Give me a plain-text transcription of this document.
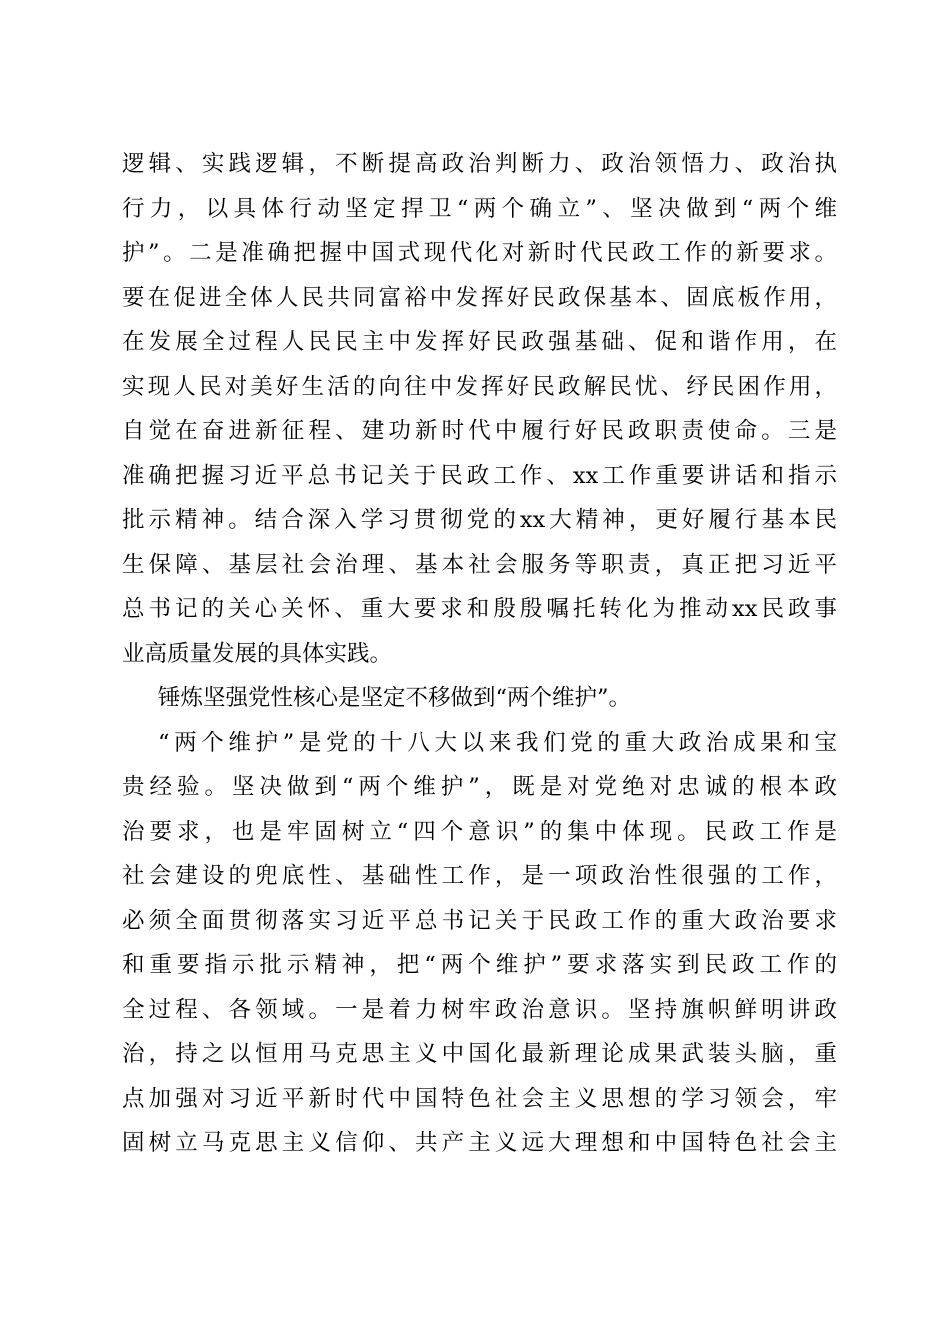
逻辑、实践逻辑，不断提高政治判断力、政治领悟力、政治执
行力，以具体行动坚定捍卫“两个确立”、坚决做到“两个维
护”。二是准确把握中国式现代化对新时代民政工作的新要求。
要在促进全体人民共同富裕中发挥好民政保基本、固底板作用，
在发展全过程人民民主中发挥好民政强基础、促和谐作用，在
实现人民对美好生活的向往中发挥好民政解民忧、纾民困作用，
自觉在奋进新征程、建功新时代中履行好民政职责使命。三是
准确把握习近平总书记关于民政工作、xx工作重要讲话和指示
批示精神。结合深入学习贯彻党的xx大精神，更好履行基本民
生保障、基层社会治理、基本社会服务等职责，真正把习近平
总书记的关心关怀、重大要求和殷殷嘱托转化为推动xx民政事
业高质量发展的具体实践。
锤炼坚强党性核心是坚定不移做到“两个维护”。
“两个维护”是党的十八大以来我们党的重大政治成果和宝
贵经验。坚决做到“两个维护”，既是对党绝对忠诚的根本政
治要求，也是牢固树立“四个意识”的集中体现。民政工作是
社会建设的兜底性、基础性工作，是一项政治性很强的工作，
必须全面贯彻落实习近平总书记关于民政工作的重大政治要求
和重要指示批示精神，把“两个维护”要求落实到民政工作的
全过程、各领域。一是着力树牢政治意识。坚持旗帜鲜明讲政
治，持之以恒用马克思主义中国化最新理论成果武装头脑，重
点加强对习近平新时代中国特色社会主义思想的学习领会，牢
固树立马克思主义信仰、共产主义远大理想和中国特色社会主
